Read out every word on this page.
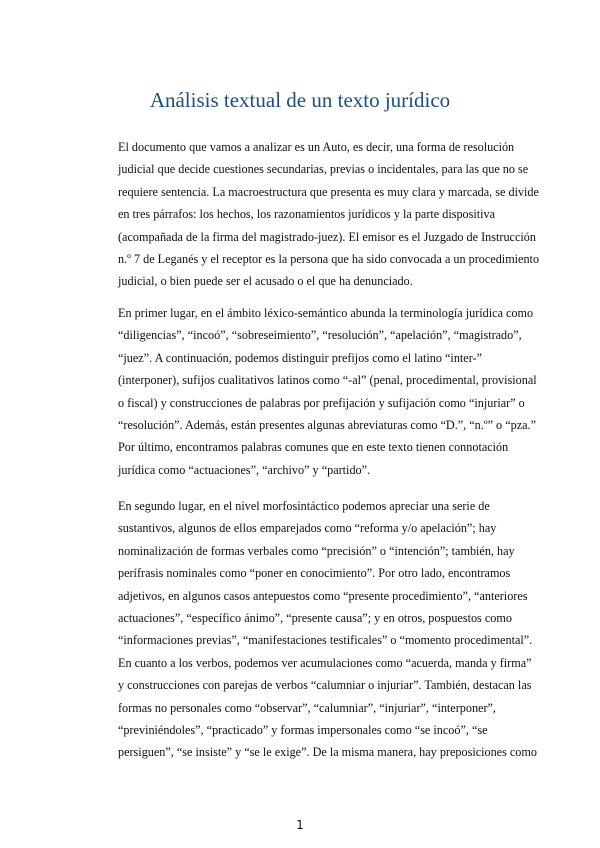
Análisis textual de un texto jurídico
El documento que vamos a analizar es un Auto, es decir, una forma de resolución
judicial que decide cuestiones secundarias, previas o incidentales, para las que no se
requiere sentencia. La macroestructura que presenta es muy clara y marcada, se divide
en tres párrafos: los hechos, los razonamientos jurídicos y la parte dispositiva
(acompañada de la firma del magistrado-juez). El emisor es el Juzgado de Instrucción
n.º 7 de Leganés y el receptor es la persona que ha sido convocada a un procedimiento
judicial, o bien puede ser el acusado o el que ha denunciado.
En primer lugar, en el ámbito léxico-semántico abunda la terminología jurídica como
“diligencias”, “incoó”, “sobreseimiento”, “resolución”, “apelación”, “magistrado”,
“juez”. A continuación, podemos distinguir prefijos como el latino “inter-”
(interponer), sufijos cualitativos latinos como “-al” (penal, procedimental, provisional
o fiscal) y construcciones de palabras por prefijación y sufijación como “injuriar” o
“resolución”. Además, están presentes algunas abreviaturas como “D.”, “n.º” o “pza.”
Por último, encontramos palabras comunes que en este texto tienen connotación
jurídica como “actuaciones”, “archivo” y “partido”.
En segundo lugar, en el nivel morfosintáctico podemos apreciar una serie de
sustantivos, algunos de ellos emparejados como “reforma y/o apelación”; hay
nominalización de formas verbales como “precisión” o “intención”; también, hay
perífrasis nominales como “poner en conocimiento”. Por otro lado, encontramos
adjetivos, en algunos casos antepuestos como “presente procedimiento”, “anteriores
actuaciones”, “específico ánimo”, “presente causa”; y en otros, pospuestos como
“informaciones previas”, “manifestaciones testificales” o “momento procedimental”.
En cuanto a los verbos, podemos ver acumulaciones como “acuerda, manda y firma”
y construcciones con parejas de verbos “calumniar o injuriar”. También, destacan las
formas no personales como “observar”, “calumniar”, “injuriar”, “interponer”,
“previniéndoles”, “practicado” y formas impersonales como “se incoó”, “se
persiguen”, “se insiste” y “se le exige”. De la misma manera, hay preposiciones como
1
